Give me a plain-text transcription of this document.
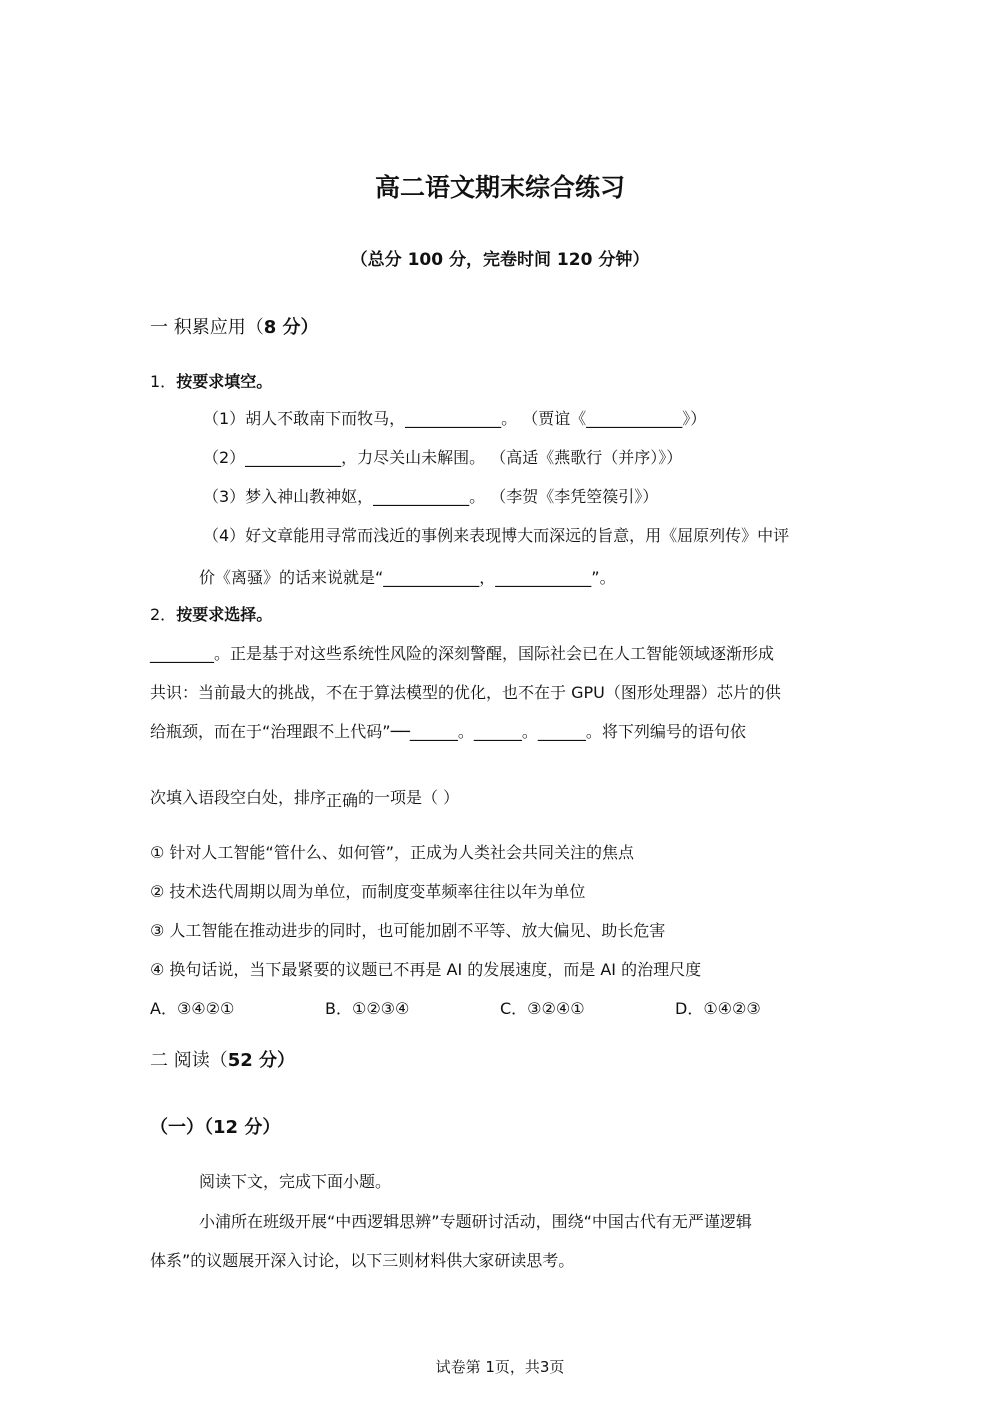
高二语文期末综合练习
（总分 100 分，完卷时间 120 分钟）
一 积累应用（8 分）
1．按要求填空。
（1）胡人不敢南下而牧马，____________。 （贾谊《____________》）
（2）____________，力尽关山未解围。 （高适《燕歌行（并序）》）
（3）梦入神山教神妪，____________。 （李贺《李凭箜篌引》）
（4）好文章能用寻常而浅近的事例来表现博大而深远的旨意，用《屈原列传》中评
价《离骚》的话来说就是“____________，____________”。
2．按要求选择。
________。正是基于对这些系统性风险的深刻警醒，国际社会已在人工智能领域逐渐形成
共识：当前最大的挑战，不在于算法模型的优化，也不在于 GPU（图形处理器）芯片的供
给瓶颈，而在于“治理跟不上代码”──______。______。______。将下列编号的语句依
次填入语段空白处，排序正确的一项是（ ）
① 针对人工智能“管什么、如何管”，正成为人类社会共同关注的焦点
② 技术迭代周期以周为单位，而制度变革频率往往以年为单位
③ 人工智能在推动进步的同时，也可能加剧不平等、放大偏见、助长危害
④ 换句话说，当下最紧要的议题已不再是 AI 的发展速度，而是 AI 的治理尺度
A．③④②①	B．①②③④	C．③②④①	D．①④②③
二 阅读（52 分）
（一）（12 分）
阅读下文，完成下面小题。
小浦所在班级开展“中西逻辑思辨”专题研讨活动，围绕“中国古代有无严谨逻辑
体系”的议题展开深入讨论，以下三则材料供大家研读思考。
试卷第 1页，共3页
